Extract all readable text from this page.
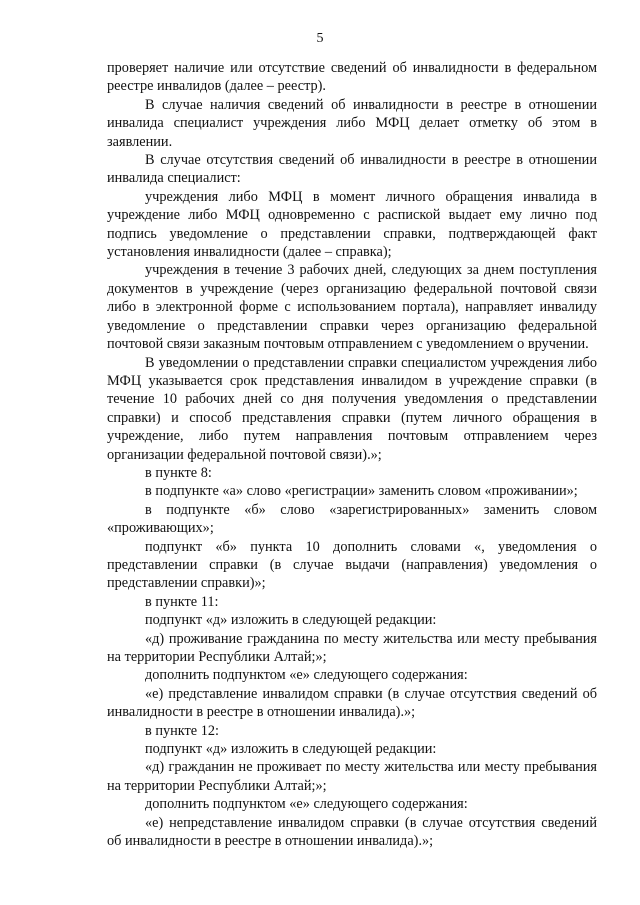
5

проверяет наличие или отсутствие сведений об инвалидности в федеральном реестре инвалидов (далее – реестр).

В случае наличия сведений об инвалидности в реестре в отношении инвалида специалист учреждения либо МФЦ делает отметку об этом в заявлении.

В случае отсутствия сведений об инвалидности в реестре в отношении инвалида специалист:

учреждения либо МФЦ в момент личного обращения инвалида в учреждение либо МФЦ одновременно с распиской выдает ему лично под подпись уведомление о представлении справки, подтверждающей факт установления инвалидности (далее – справка);

учреждения в течение 3 рабочих дней, следующих за днем поступления документов в учреждение (через организацию федеральной почтовой связи либо в электронной форме с использованием портала), направляет инвалиду уведомление о представлении справки через организацию федеральной почтовой связи заказным почтовым отправлением с уведомлением о вручении.

В уведомлении о представлении справки специалистом учреждения либо МФЦ указывается срок представления инвалидом в учреждение справки (в течение 10 рабочих дней со дня получения уведомления о представлении справки) и способ представления справки (путем личного обращения в учреждение, либо путем направления почтовым отправлением через организации федеральной почтовой связи).»;

в пункте 8:

в подпункте «а» слово «регистрации» заменить словом «проживании»;

в подпункте «б» слово «зарегистрированных» заменить словом «проживающих»;

подпункт «б» пункта 10 дополнить словами «, уведомления о представлении справки (в случае выдачи (направления) уведомления о представлении справки)»;

в пункте 11:

подпункт «д» изложить в следующей редакции:

«д) проживание гражданина по месту жительства или месту пребывания на территории Республики Алтай;»;

дополнить подпунктом «е» следующего содержания:

«е) представление инвалидом справки (в случае отсутствия сведений об инвалидности в реестре в отношении инвалида).»;

в пункте 12:

подпункт «д» изложить в следующей редакции:

«д) гражданин не проживает по месту жительства или месту пребывания на территории Республики Алтай;»;

дополнить подпунктом «е» следующего содержания:

«е) непредставление инвалидом справки (в случае отсутствия сведений об инвалидности в реестре в отношении инвалида).»;
